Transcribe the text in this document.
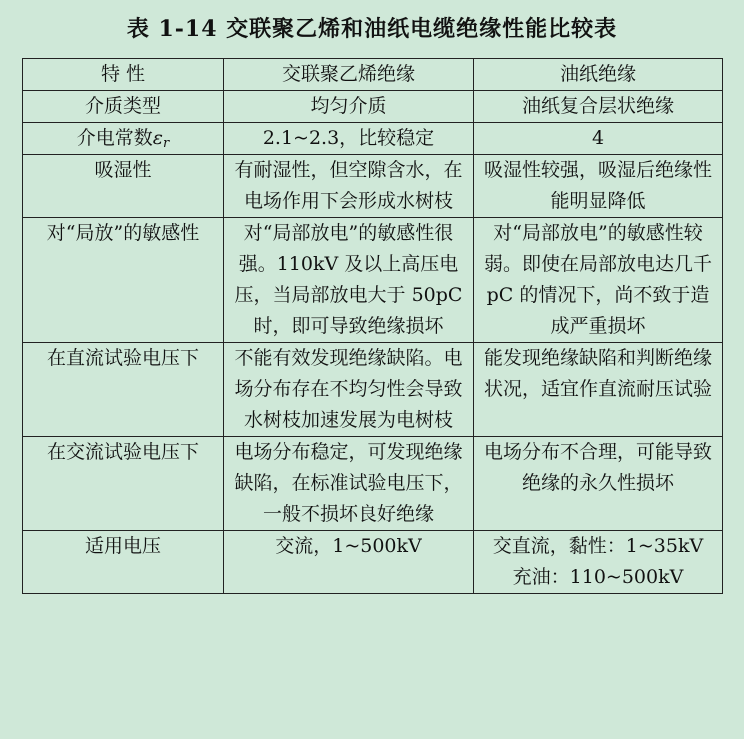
表 1-14 交联聚乙烯和油纸电缆绝缘性能比较表
特 性	交联聚乙烯绝缘	油纸绝缘
介质类型	均匀介质	油纸复合层状绝缘
介电常数$\varepsilon_r$	2.1~2.3，比较稳定	4
吸湿性	有耐湿性，但空隙含水，在电场作用下会形成水树枝	吸湿性较强，吸湿后绝缘性能明显降低
对“局放”的敏感性	对“局部放电”的敏感性很强。110kV 及以上高压电压，当局部放电大于 50pC 时，即可导致绝缘损坏	对“局部放电”的敏感性较弱。即使在局部放电达几千 pC 的情况下，尚不致于造成严重损坏
在直流试验电压下	不能有效发现绝缘缺陷。电场分布存在不均匀性会导致水树枝加速发展为电树枝	能发现绝缘缺陷和判断绝缘状况，适宜作直流耐压试验
在交流试验电压下	电场分布稳定，可发现绝缘缺陷，在标准试验电压下，一般不损坏良好绝缘	电场分布不合理，可能导致绝缘的永久性损坏
适用电压	交流，1~500kV	交直流，黏性：1~35kV
充油：110~500kV
